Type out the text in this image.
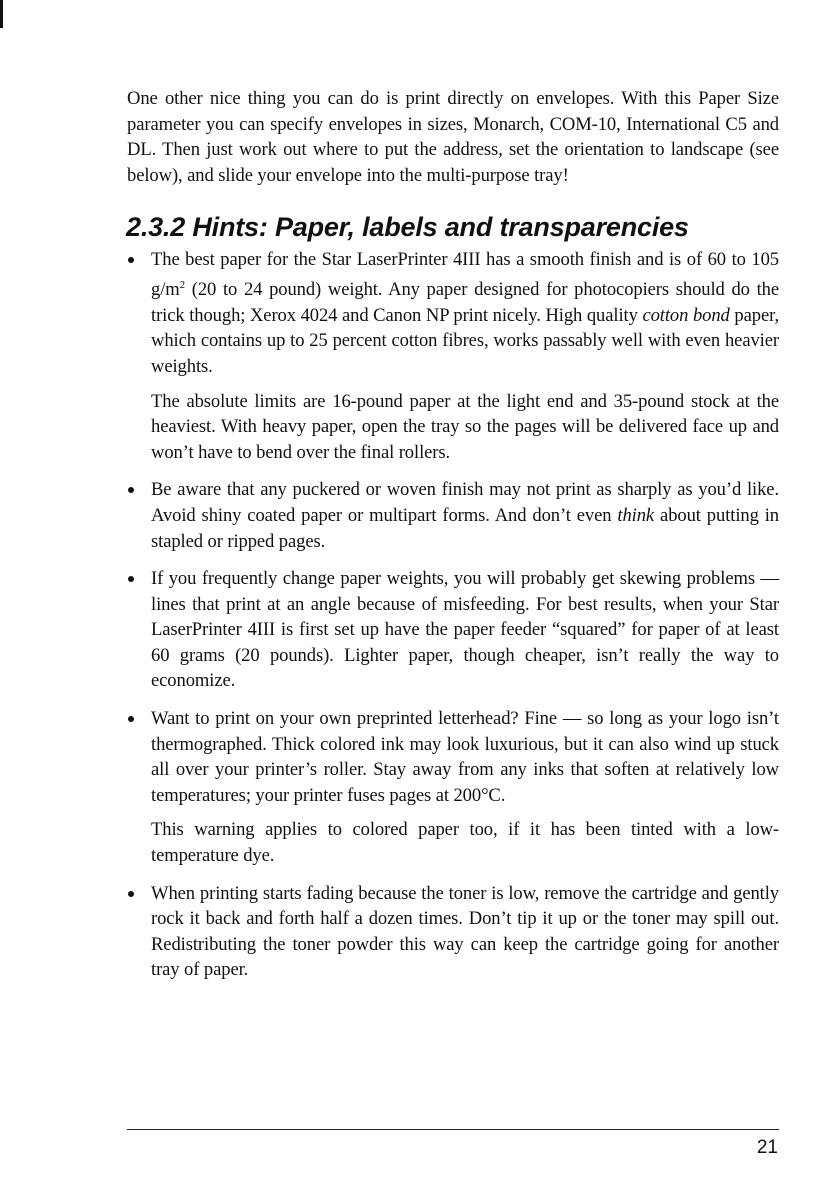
One other nice thing you can do is print directly on envelopes. With this Paper Size parameter you can specify envelopes in sizes, Monarch, COM-10, International C5 and DL. Then just work out where to put the address, set the orientation to landscape (see below), and slide your envelope into the multi-purpose tray!

2.3.2 Hints: Paper, labels and transparencies

The best paper for the Star LaserPrinter 4III has a smooth finish and is of 60 to 105 $g/m^2$ (20 to 24 pound) weight. Any paper designed for photocopiers should do the trick though; Xerox 4024 and Canon NP print nicely. High quality cotton bond paper, which contains up to 25 percent cotton fibres, works passably well with even heavier weights.

The absolute limits are 16-pound paper at the light end and 35-pound stock at the heaviest. With heavy paper, open the tray so the pages will be delivered face up and won’t have to bend over the final rollers.

Be aware that any puckered or woven finish may not print as sharply as you’d like. Avoid shiny coated paper or multipart forms. And don’t even think about putting in stapled or ripped pages.

If you frequently change paper weights, you will probably get skewing problems — lines that print at an angle because of misfeeding. For best results, when your Star LaserPrinter 4III is first set up have the paper feeder “squared” for paper of at least 60 grams (20 pounds). Lighter paper, though cheaper, isn’t really the way to economize.

Want to print on your own preprinted letterhead? Fine — so long as your logo isn’t thermographed. Thick colored ink may look luxurious, but it can also wind up stuck all over your printer’s roller. Stay away from any inks that soften at relatively low temperatures; your printer fuses pages at 200°C.

This warning applies to colored paper too, if it has been tinted with a low-temperature dye.

When printing starts fading because the toner is low, remove the cartridge and gently rock it back and forth half a dozen times. Don’t tip it up or the toner may spill out. Redistributing the toner powder this way can keep the cartridge going for another tray of paper.

21
